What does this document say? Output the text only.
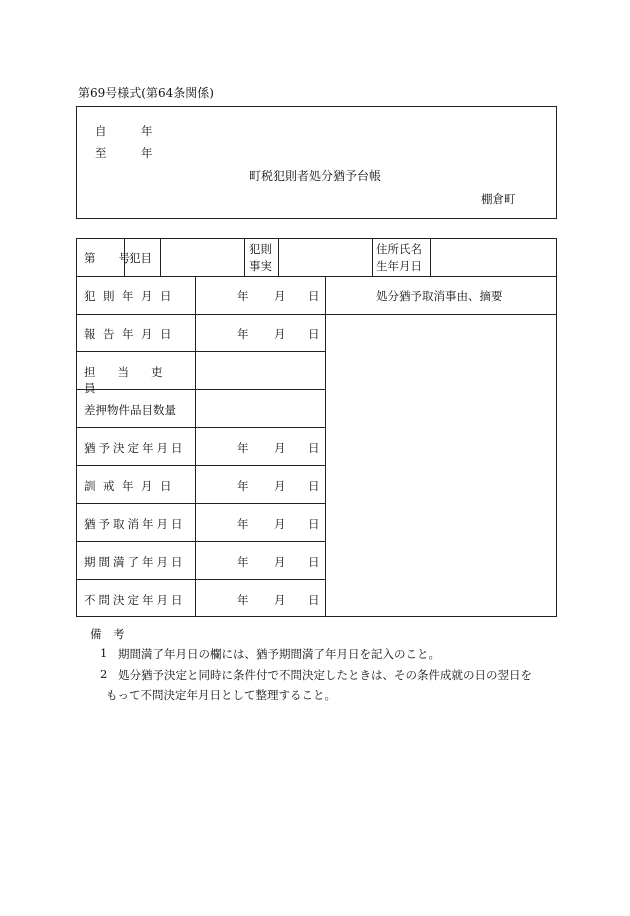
第69号様式(第64条関係)
自	年
至	年
町税犯則者処分猶予台帳
棚倉町
第　　号 犯目
犯則
事実
住所氏名
生年月日
処分猶予取消事由、摘要
犯則年月日
報告年月日
担当吏員
差押物件品目数量
猶予決定年月日
訓戒年月日
猶予取消年月日
期間満了年月日
不問決定年月日
年 月 日
年 月 日
年 月 日
年 月 日
年 月 日
年 月 日
年 月 日
備　考
1 期間満了年月日の欄には、猶予期間満了年月日を記入のこと。
2 処分猶予決定と同時に条件付で不問決定したときは、その条件成就の日の翌日を
もって不問決定年月日として整理すること。
